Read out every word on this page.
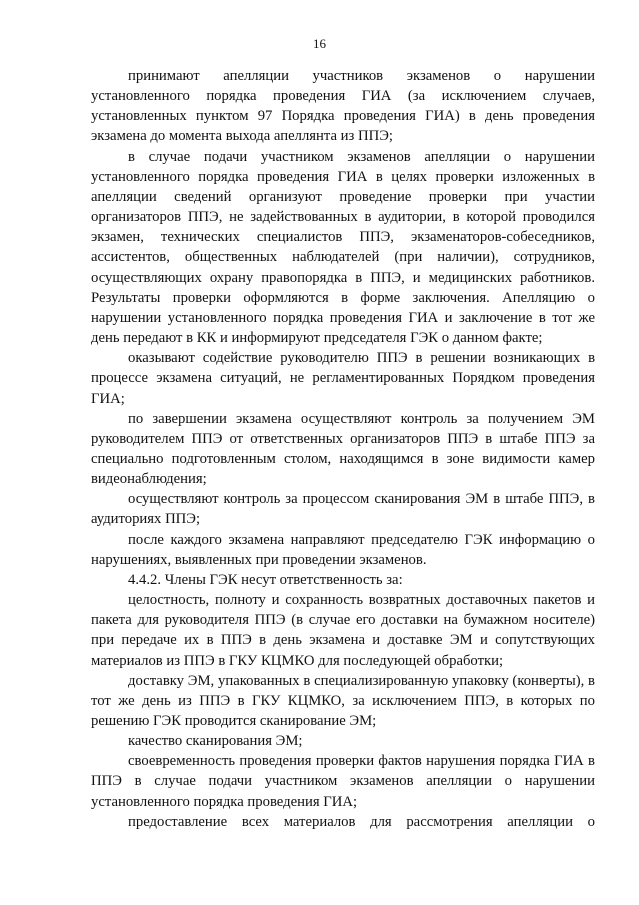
16

принимают апелляции участников экзаменов о нарушении установленного порядка проведения ГИА (за исключением случаев, установленных пунктом 97 Порядка проведения ГИА) в день проведения экзамена до момента выхода апеллянта из ППЭ;

в случае подачи участником экзаменов апелляции о нарушении установленного порядка проведения ГИА в целях проверки изложенных в апелляции сведений организуют проведение проверки при участии организаторов ППЭ, не задействованных в аудитории, в которой проводился экзамен, технических специалистов ППЭ, экзаменаторов-собеседников, ассистентов, общественных наблюдателей (при наличии), сотрудников, осуществляющих охрану правопорядка в ППЭ, и медицинских работников. Результаты проверки оформляются в форме заключения. Апелляцию о нарушении установленного порядка проведения ГИА и заключение в тот же день передают в КК и информируют председателя ГЭК о данном факте;

оказывают содействие руководителю ППЭ в решении возникающих в процессе экзамена ситуаций, не регламентированных Порядком проведения ГИА;

по завершении экзамена осуществляют контроль за получением ЭМ руководителем ППЭ от ответственных организаторов ППЭ в штабе ППЭ за специально подготовленным столом, находящимся в зоне видимости камер видеонаблюдения;

осуществляют контроль за процессом сканирования ЭМ в штабе ППЭ, в аудиториях ППЭ;

после каждого экзамена направляют председателю ГЭК информацию о нарушениях, выявленных при проведении экзаменов.

4.4.2. Члены ГЭК несут ответственность за:

целостность, полноту и сохранность возвратных доставочных пакетов и пакета для руководителя ППЭ (в случае его доставки на бумажном носителе) при передаче их в ППЭ в день экзамена и доставке ЭМ и сопутствующих материалов из ППЭ в ГКУ КЦМКО для последующей обработки;

доставку ЭМ, упакованных в специализированную упаковку (конверты), в тот же день из ППЭ в ГКУ КЦМКО, за исключением ППЭ, в которых по решению ГЭК проводится сканирование ЭМ;

качество сканирования ЭМ;

своевременность проведения проверки фактов нарушения порядка ГИА в ППЭ в случае подачи участником экзаменов апелляции о нарушении установленного порядка проведения ГИА;

предоставление всех материалов для рассмотрения апелляции о
